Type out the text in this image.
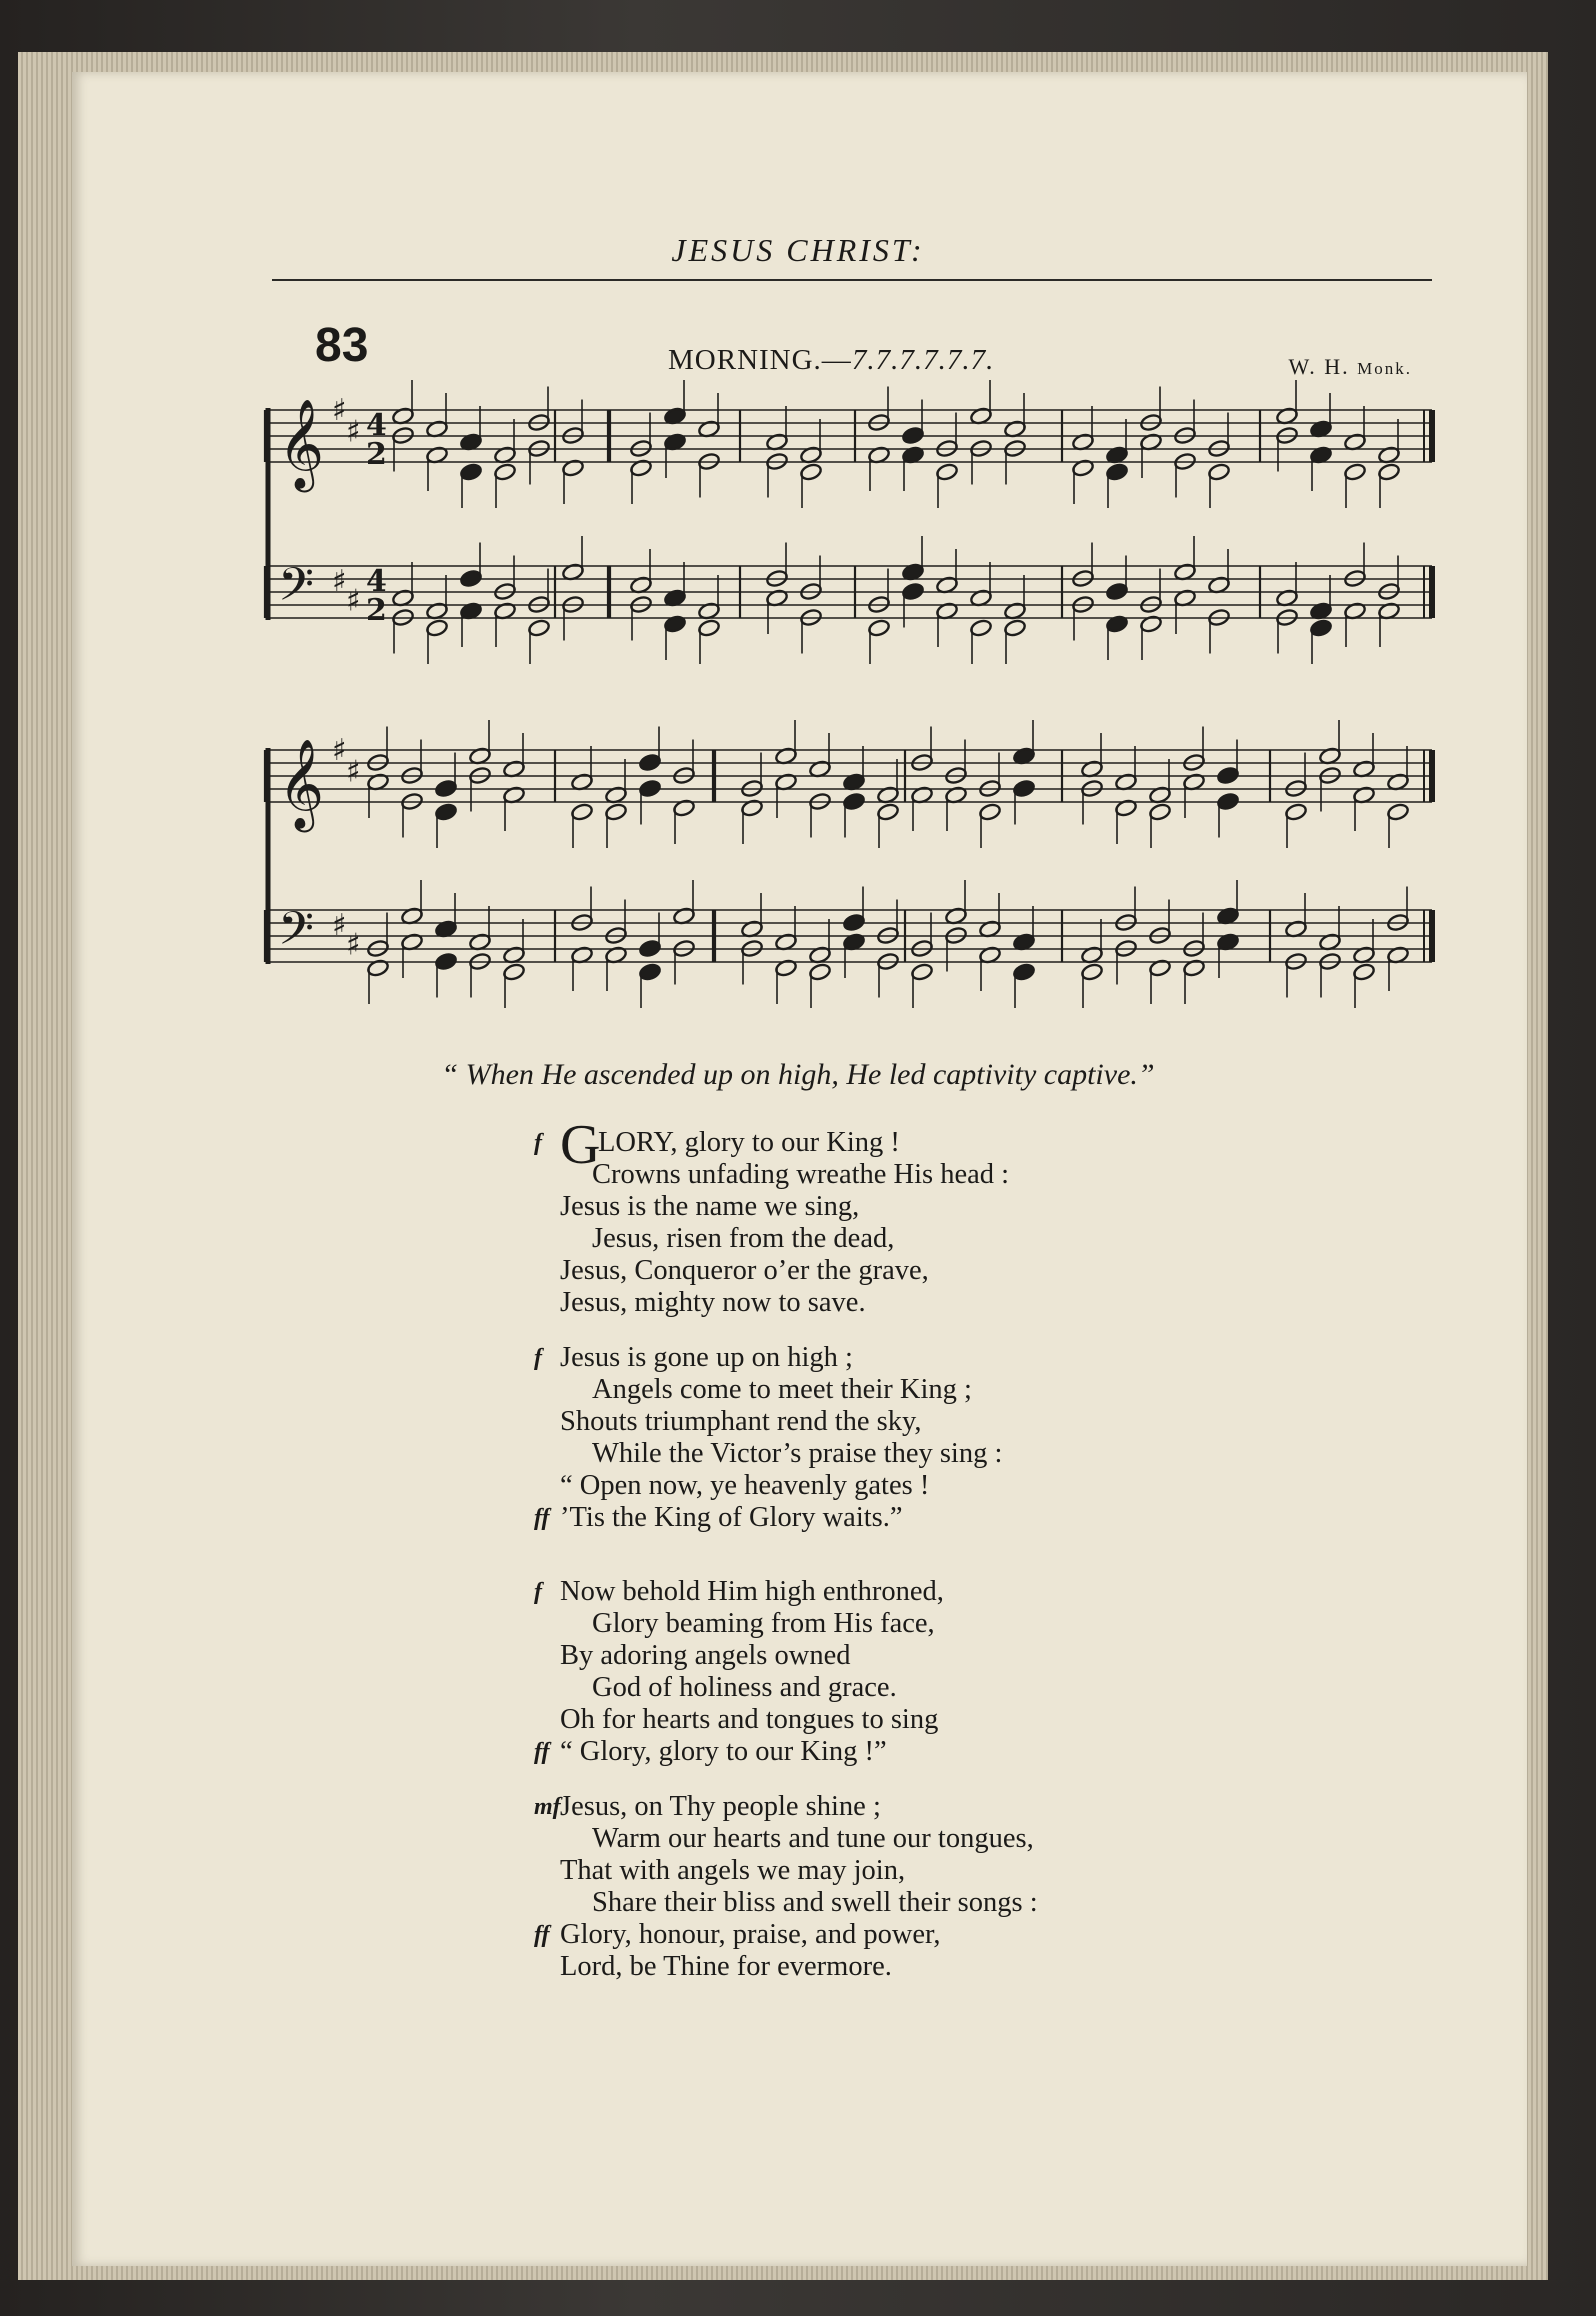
JESUS CHRIST:
83	MORNING.—7.7.7.7.7.7.	W. H. Monk.
𝄞 ♯
♯ 4
2
𝄢 ♯
♯
4
2
𝄞 ♯
♯
𝄢 ♯
♯
“ When He ascended up on high, He led captivity captive.”
f GLORY, glory to our King !
Crowns unfading wreathe His head :
Jesus is the name we sing,
Jesus, risen from the dead,
Jesus, Conqueror o’er the grave,
Jesus, mighty now to save.
f Jesus is gone up on high ;
Angels come to meet their King ;
Shouts triumphant rend the sky,
While the Victor’s praise they sing :
“ Open now, ye heavenly gates !
ff ’Tis the King of Glory waits.”
f Now behold Him high enthroned,
Glory beaming from His face,
By adoring angels owned
God of holiness and grace.
Oh for hearts and tongues to sing
ff “ Glory, glory to our King !”
mf Jesus, on Thy people shine ;
Warm our hearts and tune our tongues,
That with angels we may join,
Share their bliss and swell their songs :
ff Glory, honour, praise, and power,
Lord, be Thine for evermore.
